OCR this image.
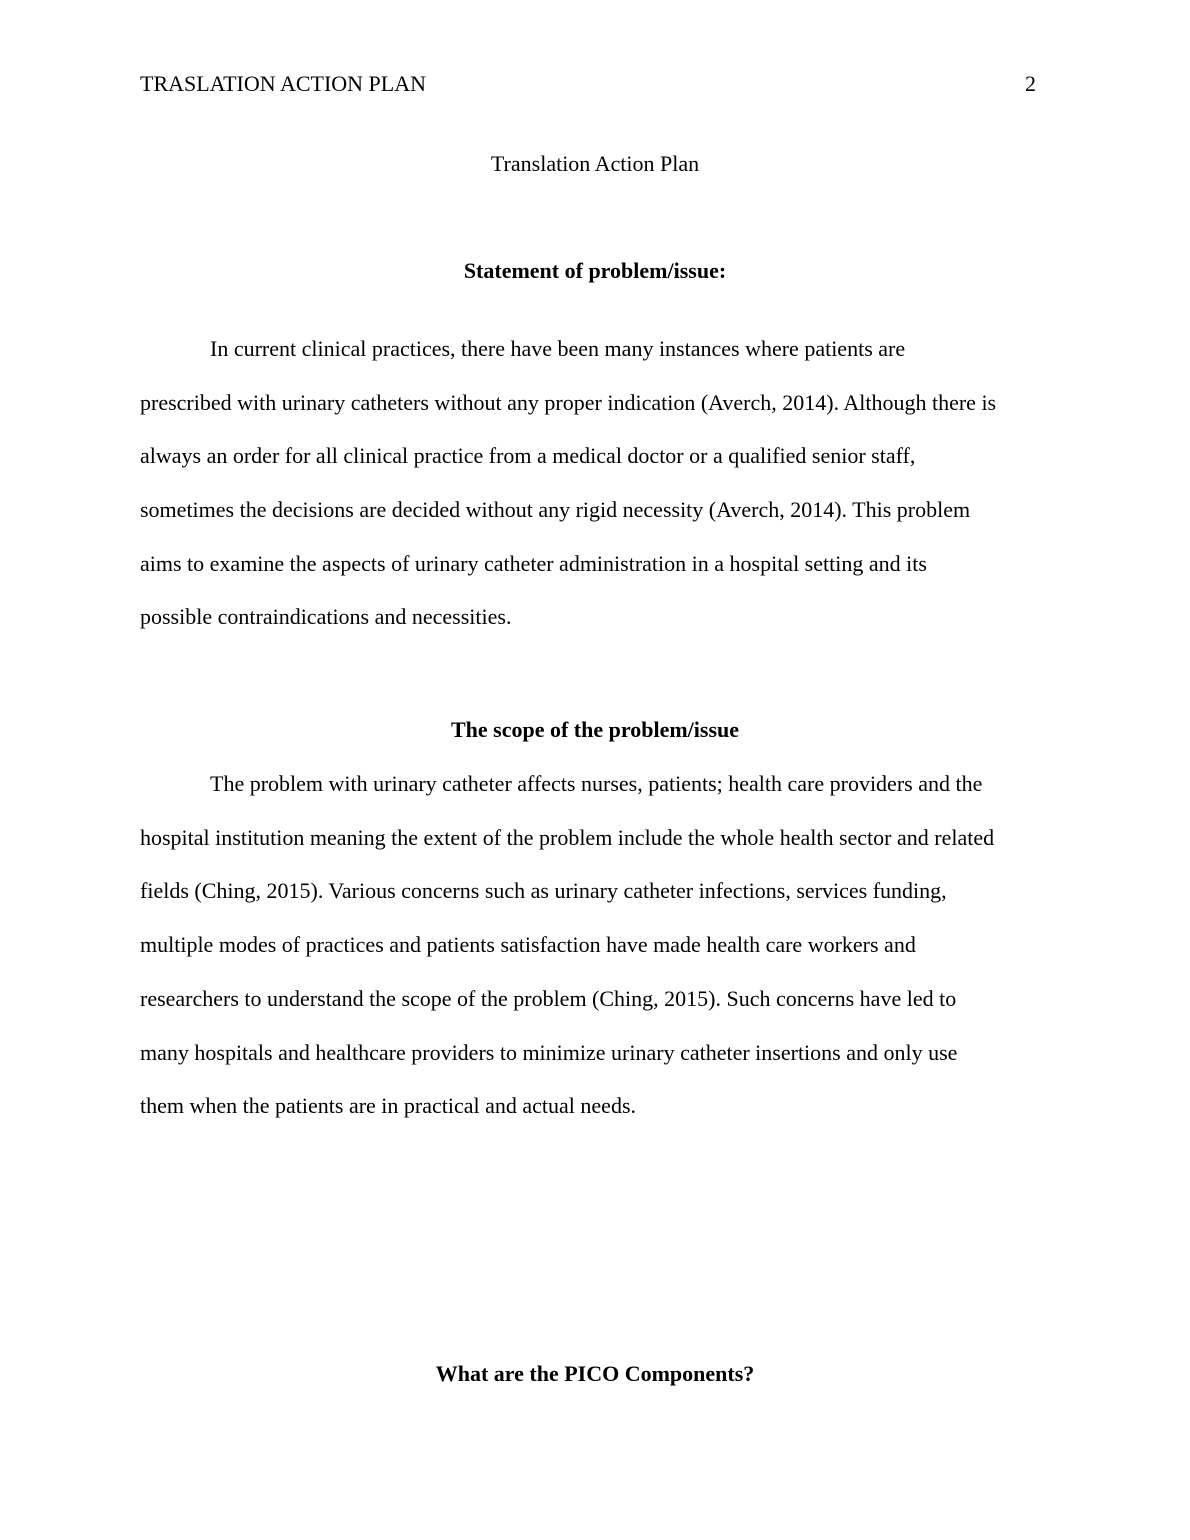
TRASLATION ACTION PLAN	2
Translation Action Plan
Statement of problem/issue:
In current clinical practices, there have been many instances where patients are
prescribed with urinary catheters without any proper indication (Averch, 2014). Although there is
always an order for all clinical practice from a medical doctor or a qualified senior staff,
sometimes the decisions are decided without any rigid necessity (Averch, 2014). This problem
aims to examine the aspects of urinary catheter administration in a hospital setting and its
possible contraindications and necessities.
The scope of the problem/issue
The problem with urinary catheter affects nurses, patients; health care providers and the
hospital institution meaning the extent of the problem include the whole health sector and related
fields (Ching, 2015). Various concerns such as urinary catheter infections, services funding,
multiple modes of practices and patients satisfaction have made health care workers and
researchers to understand the scope of the problem (Ching, 2015). Such concerns have led to
many hospitals and healthcare providers to minimize urinary catheter insertions and only use
them when the patients are in practical and actual needs.
What are the PICO Components?
